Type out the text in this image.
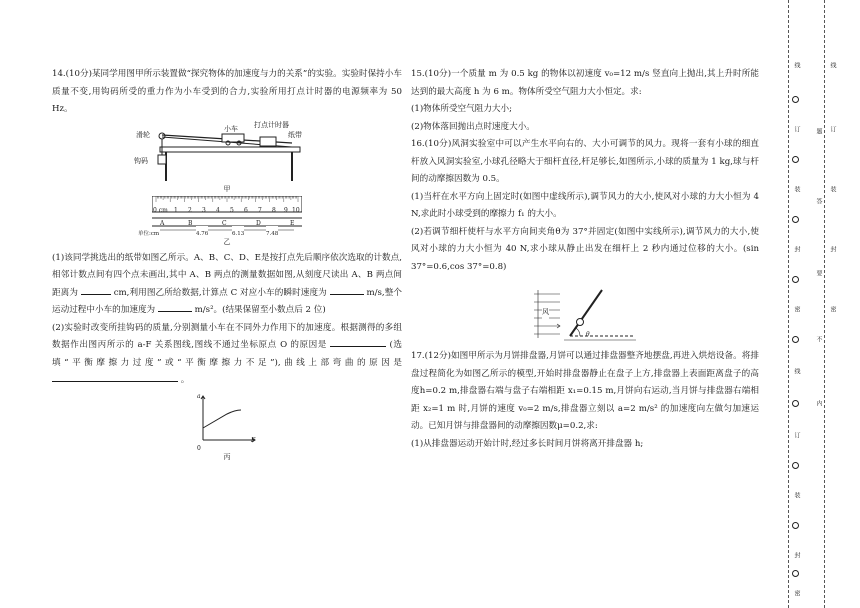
14.(10分)某同学用图甲所示装置做“探究物体的加速度与力的关系”的实验。实验时保持小车质量不变,用钩码所受的重力作为小车受到的合力,实验所用打点计时器的电源频率为 50 Hz。
滑轮
小车 打点计时器
纸带
钩码
甲
0 cm 1 2 3 4 5 6 7 8 9 10
A	B	C	D	E
单位:cm	4.76	6.13	7.48
乙
(1)该同学挑选出的纸带如图乙所示。A、B、C、D、E是按打点先后顺序依次选取的计数点,相邻计数点间有四个点未画出,其中 A、B 两点的测量数据如图,从刻度尺读出 A、B 两点间距离为	cm,利用图乙所给数据,计算点 C 对应小车的瞬时速度为	m/s,整个运动过程中小车的加速度为	m/s²。(结果保留至小数点后 2 位)
(2)实验时改变所挂钩码的质量,分别测量小车在不同外力作用下的加速度。根据测得的多组数据作出图丙所示的 a-F 关系图线,图线不通过坐标原点 O 的原因是	(选填“平衡摩擦力过度”或“平衡摩擦力不足”),曲线上部弯曲的原因是  。
a
F
0
丙
15.(10分)一个质量 m 为 0.5 kg 的物体以初速度 v₀=12 m/s 竖直向上抛出,其上升时所能达到的最大高度 h 为 6 m。物体所受空气阻力大小恒定。求:
(1)物体所受空气阻力大小;
(2)物体落回抛出点时速度大小。
16.(10分)风洞实验室中可以产生水平向右的、大小可调节的风力。现将一套有小球的细直杆放入风洞实验室,小球孔径略大于细杆直径,杆足够长,如图所示,小球的质量为 1 kg,球与杆间的动摩擦因数为 0.5。
(1)当杆在水平方向上固定时(如图中虚线所示),调节风力的大小,使风对小球的力大小恒为 4 N,求此时小球受到的摩擦力 f₁ 的大小。
(2)若调节细杆使杆与水平方向间夹角θ为 37°并固定(如图中实线所示),调节风力的大小,使风对小球的力大小恒为 40 N,求小球从静止出发在细杆上 2 秒内通过位移的大小。(sin 37°=0.6,cos 37°=0.8)
风
θ
17.(12分)如图甲所示为月饼排盘器,月饼可以通过排盘器整齐地摆盘,再进入烘焙设备。将排盘过程简化为如图乙所示的模型,开始时排盘器静止在盘子上方,排盘器上表面距离盘子的高度h=0.2 m,排盘器右端与盘子右端相距 x₁=0.15 m,月饼向右运动,当月饼与排盘器右端相距 x₂=1 m 时,月饼的速度 v₀=2 m/s,排盘器立刻以 a=2 m/s² 的加速度向左做匀加速运动。已知月饼与排盘器间的动摩擦因数μ=0.2,求:
(1)从排盘器运动开始计时,经过多长时间月饼将离开排盘器 h;
线
订
装
封
密
线
订
装
封
密
题
答
要
不
内
线
订
装
封
密
